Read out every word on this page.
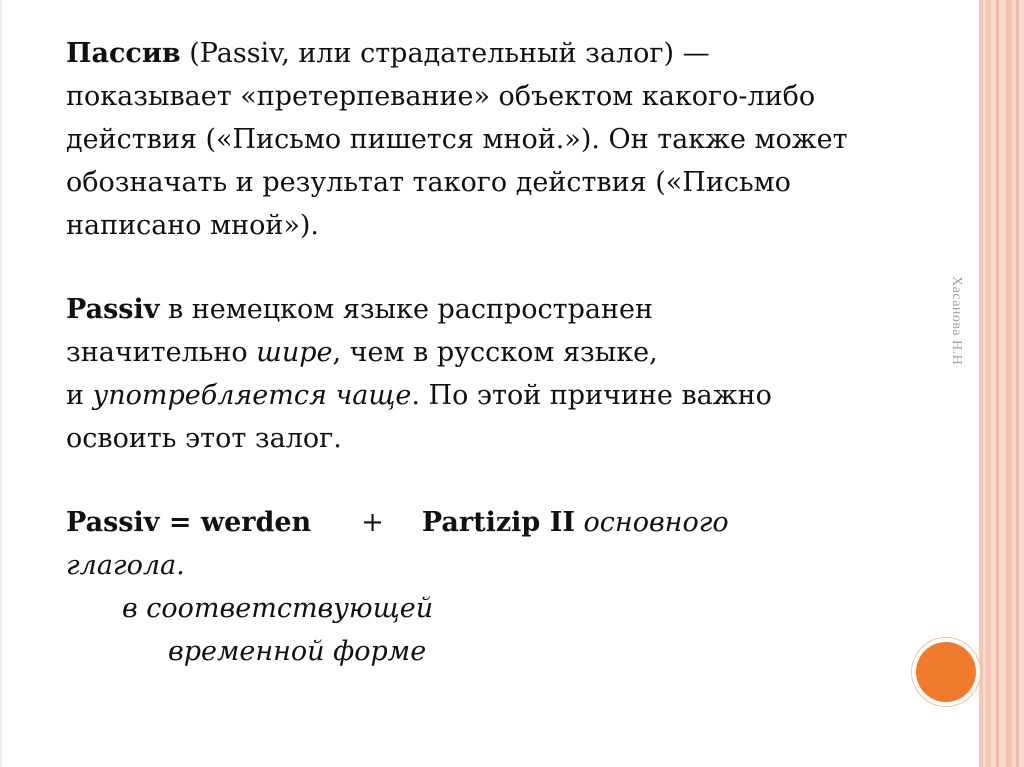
Хасанова Н.Н

Пассив (Passiv, или страдательный залог) —
показывает «претерпевание» объектом какого-либо
действия («Письмо пишется мной.»). Он также может
обозначать и результат такого действия («Письмо
написано мной»).

Passiv в немецком языке распространен
значительно шире, чем в русском языке,
и употребляется чаще. По этой причине важно
освоить этот залог.

Passiv = werden + Partizip II основного
глагола.
в соответствующей
временной форме
